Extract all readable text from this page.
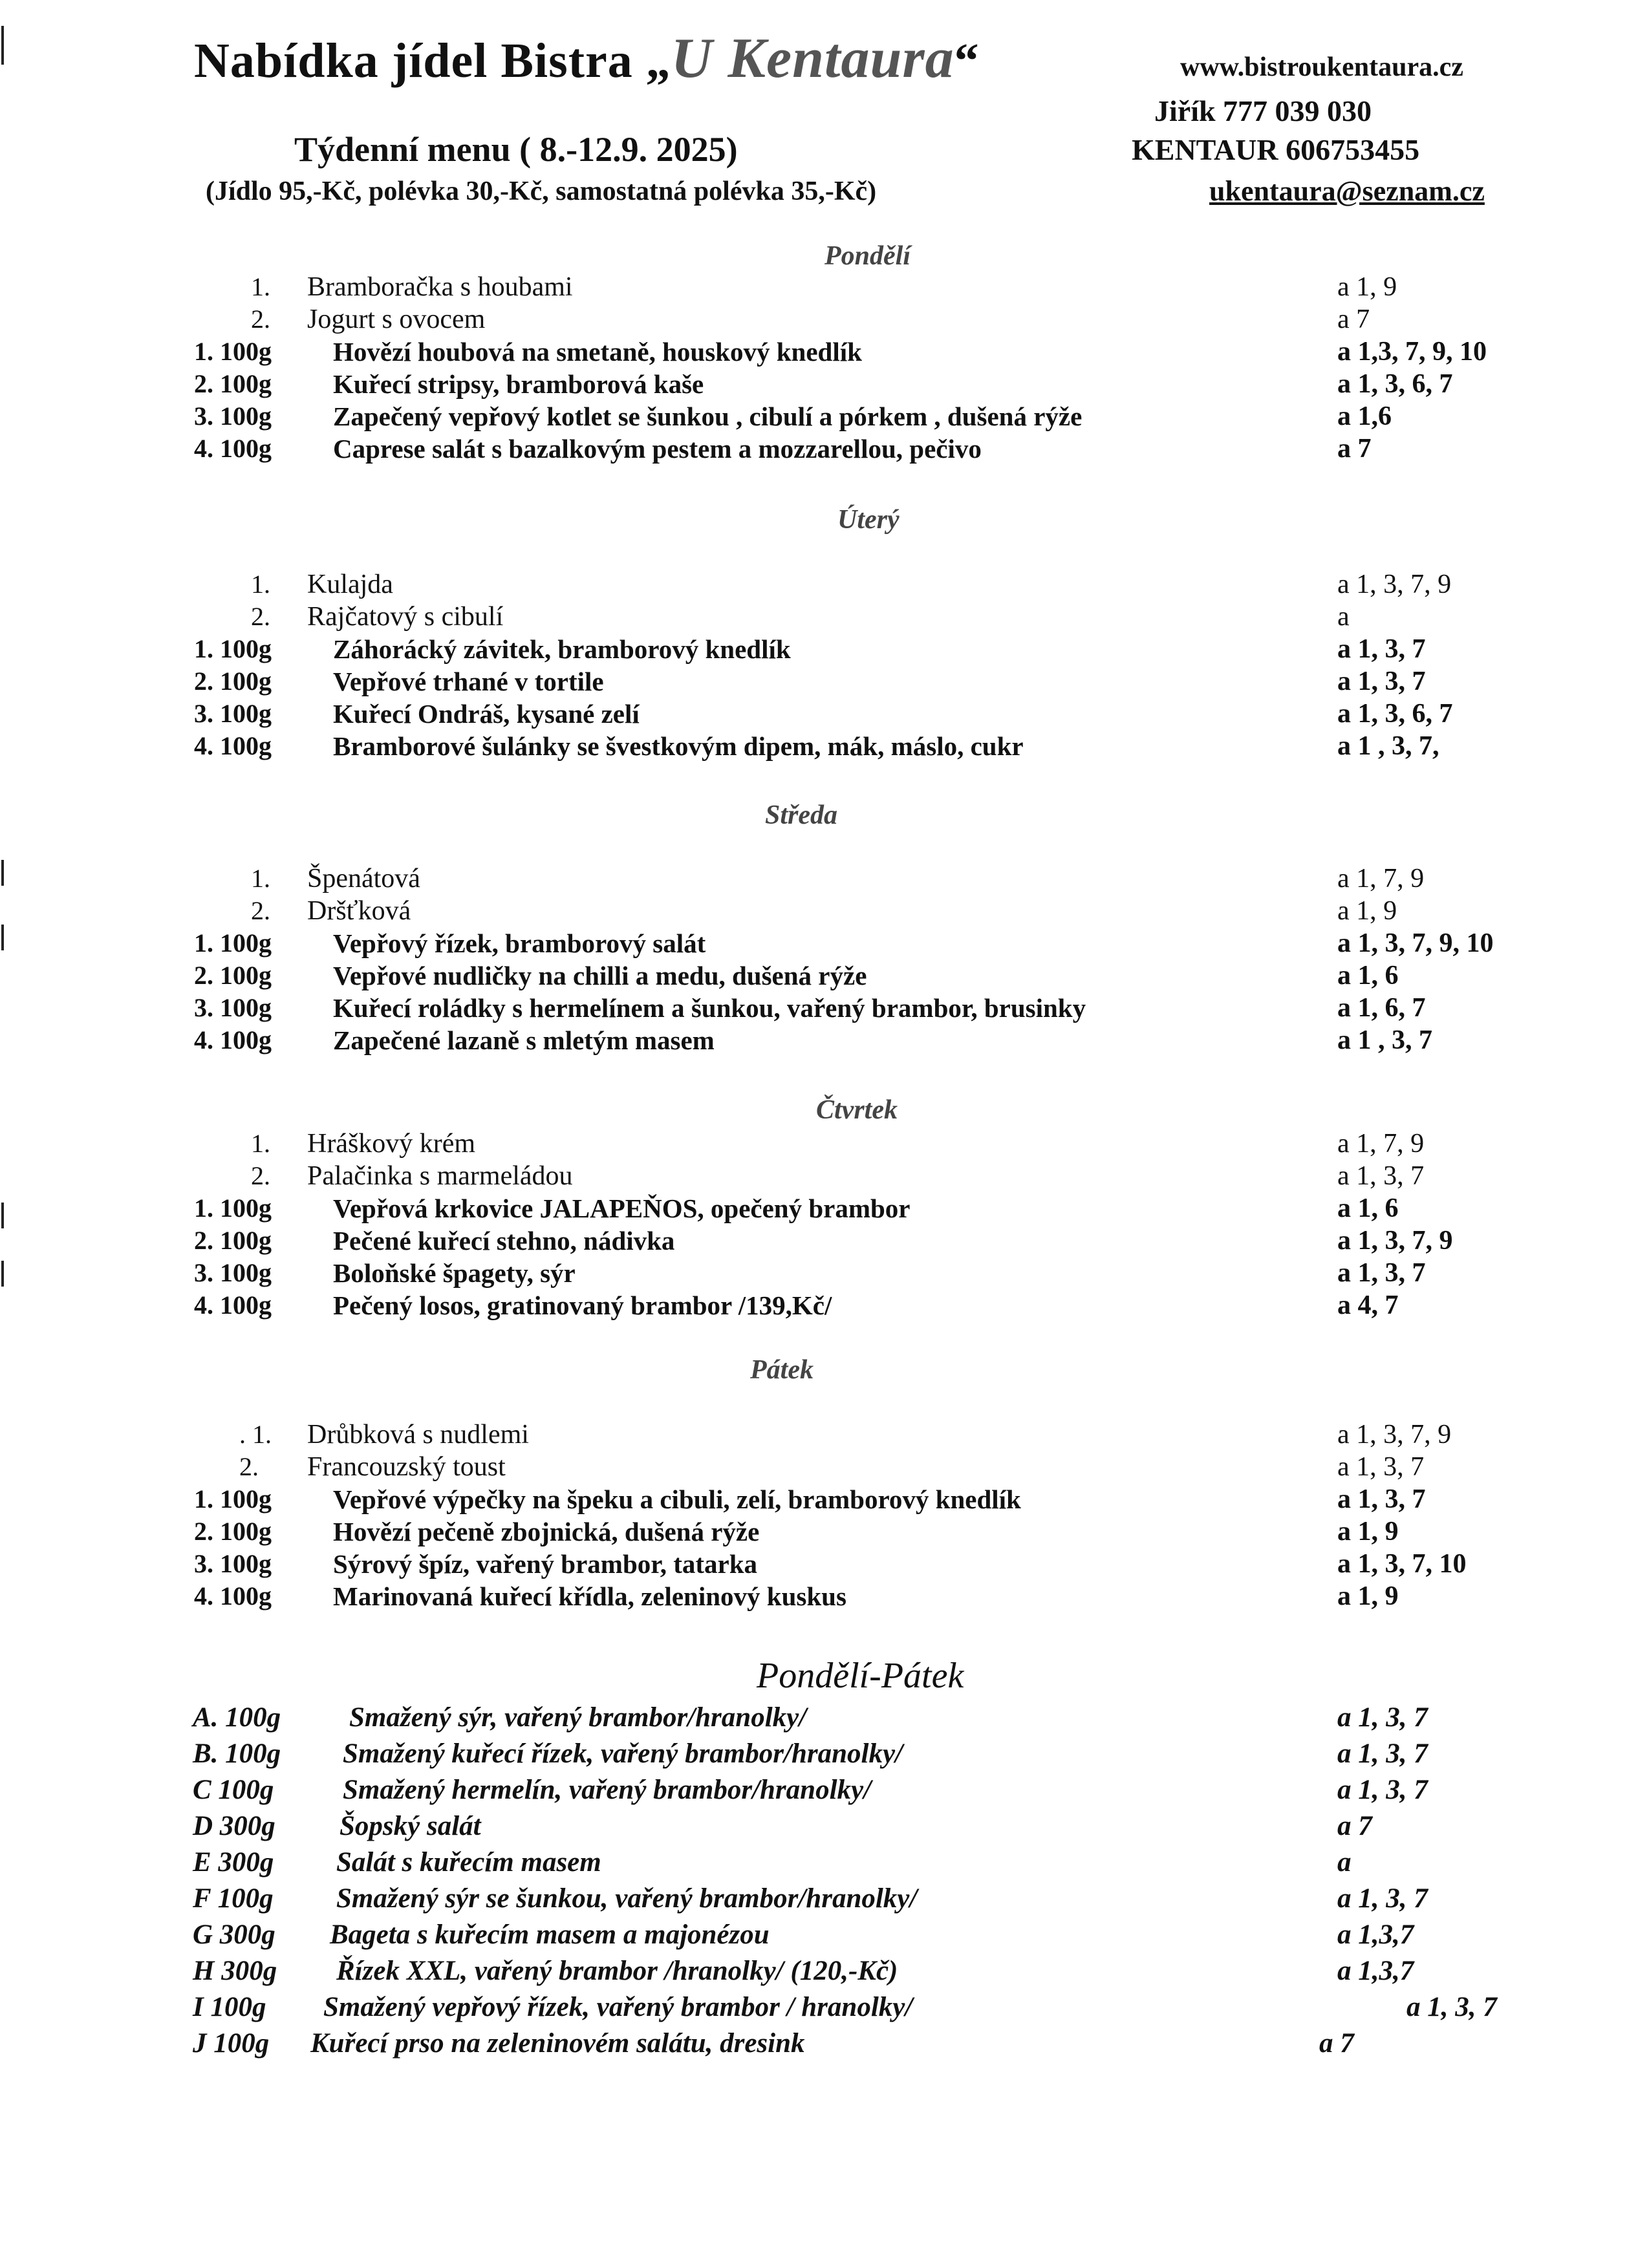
Nabídka jídel Bistra „U Kentaura“	www.bistroukentaura.cz
Jiřík 777 039 030
KENTAUR 606753455
ukentaura@seznam.cz
Týdenní menu ( 8.-12.9. 2025)
(Jídlo 95,-Kč, polévka 30,-Kč, samostatná polévka 35,-Kč)
Pondělí
1. Bramboračka s houbami	a 1, 9
2. Jogurt s ovocem	a 7
1. 100g Hovězí houbová na smetaně, houskový knedlík	a 1,3, 7, 9, 10
2. 100g Kuřecí stripsy, bramborová kaše	a 1, 3, 6, 7
3. 100g Zapečený vepřový kotlet se šunkou , cibulí a pórkem , dušená rýže	a 1,6
4. 100g Caprese salát s bazalkovým pestem a mozzarellou, pečivo	a 7
Úterý
1. Kulajda	a 1, 3, 7, 9
2. Rajčatový s cibulí	a
1. 100g Záhorácký závitek, bramborový knedlík	a 1, 3, 7
2. 100g Vepřové trhané v tortile	a 1, 3, 7
3. 100g Kuřecí Ondráš, kysané zelí	a 1, 3, 6, 7
4. 100g Bramborové šulánky se švestkovým dipem, mák, máslo, cukr	a 1 , 3, 7,
Středa
1. Špenátová	a 1, 7, 9
2. Dršťková	a 1, 9
1. 100g Vepřový řízek, bramborový salát	a 1, 3, 7, 9, 10
2. 100g Vepřové nudličky na chilli a medu, dušená rýže	a 1, 6
3. 100g Kuřecí roládky s hermelínem a šunkou, vařený brambor, brusinky	a 1, 6, 7
4. 100g Zapečené lazaně s mletým masem	a 1 , 3, 7
Čtvrtek
1. Hráškový krém	a 1, 7, 9
2. Palačinka s marmeládou	a 1, 3, 7
1. 100g Vepřová krkovice JALAPEŇOS, opečený brambor	a 1, 6
2. 100g Pečené kuřecí stehno, nádivka	a 1, 3, 7, 9
3. 100g Boloňské špagety, sýr	a 1, 3, 7
4. 100g Pečený losos, gratinovaný brambor /139,Kč/	a 4, 7
Pátek
. 1. Drůbková s nudlemi	a 1, 3, 7, 9
2. Francouzský toust	a 1, 3, 7
1. 100g Vepřové výpečky na špeku a cibuli, zelí, bramborový knedlík	a 1, 3, 7
2. 100g Hovězí pečeně zbojnická, dušená rýže	a 1, 9
3. 100g Sýrový špíz, vařený brambor, tatarka	a 1, 3, 7, 10
4. 100g Marinovaná kuřecí křídla, zeleninový kuskus	a 1, 9
Pondělí-Pátek
A. 100g Smažený sýr, vařený brambor/hranolky/	a 1, 3, 7
B. 100g Smažený kuřecí řízek, vařený brambor/hranolky/	a 1, 3, 7
C 100g Smažený hermelín, vařený brambor/hranolky/	a 1, 3, 7
D 300g Šopský salát	a 7
E 300g Salát s kuřecím masem	a
F 100g Smažený sýr se šunkou, vařený brambor/hranolky/	a 1, 3, 7
G 300g Bageta s kuřecím masem a majonézou	a 1,3,7
H 300g Řízek XXL, vařený brambor /hranolky/ (120,-Kč)	a 1,3,7
I 100g Smažený vepřový řízek, vařený brambor / hranolky/	a 1, 3, 7
J 100g Kuřecí prso na zeleninovém salátu, dresink	a 7
